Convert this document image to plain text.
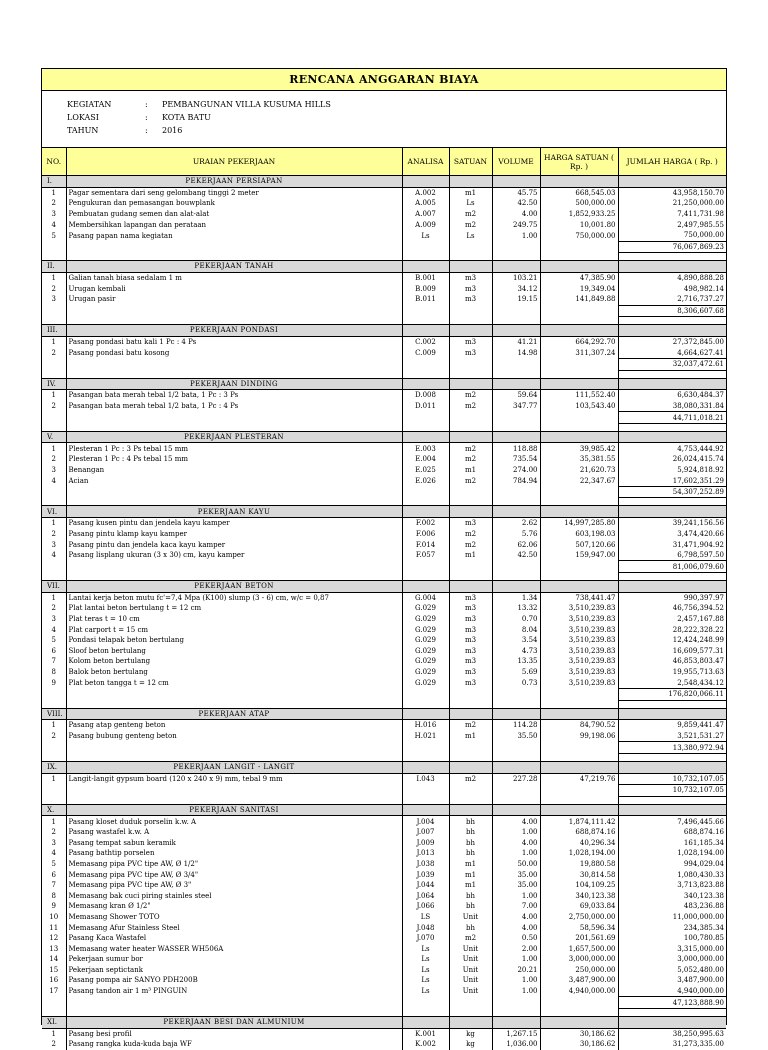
RENCANA ANGGARAN BIAYA
KEGIATAN	: PEMBANGUNAN VILLA KUSUMA HILLS
LOKASI	: KOTA BATU
TAHUN	: 2016
NO.	URAIAN PEKERJAAN	ANALISA	SATUAN	VOLUME	HARGA SATUAN ( Rp. )	JUMLAH HARGA ( Rp. )
I.	PEKERJAAN PERSIAPAN					
1	Pagar sementara dari seng gelombang tinggi 2 meter	A.002	m1	45.75	668,545.03	43,958,150.70
2	Pengukuran dan pemasangan bouwplank	A.005	Ls	42.50	500,000.00	21,250,000.00
3	Pembuatan gudang semen dan alat-alat	A.007	m2	4.00	1,852,933.25	7,411,731.98
4	Membersihkan lapangan dan perataan	A.009	m2	249.75	10,001.80	2,497,985.55
5	Pasang papan nama kegiatan	Ls	Ls	1.00	750,000.00	750,000.00
						76,067,869.23

II.	PEKERJAAN TANAH					
1	Galian tanah biasa sedalam 1 m	B.001	m3	103.21	47,385.90	4,890,888.28
2	Urugan kembali	B.009	m3	34.12	19,349.04	498,982.14
3	Urugan pasir	B.011	m3	19.15	141,849.88	2,716,737.27
						8,306,607.68

III.	PEKERJAAN PONDASI					
1	Pasang pondasi batu kali 1 Pc : 4 Ps	C.002	m3	41.21	664,292.70	27,372,845.00
2	Pasang pondasi batu kosong	C.009	m3	14.98	311,307.24	4,664,627.41
						32,037,472.61

IV.	PEKERJAAN DINDING					
1	Pasangan bata merah tebal 1/2 bata, 1 Pc : 3 Ps	D.008	m2	59.64	111,552.40	6,630,484.37
2	Pasangan bata merah tebal 1/2 bata, 1 Pc : 4 Ps	D.011	m2	347.77	103,543.40	38,080,331.84
						44,711,018.21

V.	PEKERJAAN PLESTERAN					
1	Plesteran 1 Pc : 3 Ps tebal 15 mm	E.003	m2	118.88	39,985.42	4,753,444.92
2	Plesteran 1 Pc : 4 Ps tebal 15 mm	E.004	m2	735.54	35,381.55	26,024,415.74
3	Benangan	E.025	m1	274.00	21,620.73	5,924,818.92
4	Acian	E.026	m2	784.94	22,347.67	17,602,351.29
						54,307,252.89

VI.	PEKERJAAN KAYU					
1	Pasang kusen pintu dan jendela kayu kamper	F.002	m3	2.62	14,997,285.80	39,241,156.56
2	Pasang pintu klamp kayu kamper	F.006	m2	5.76	603,198.03	3,474,420.66
3	Pasang pintu dan jendela kaca kayu kamper	F.014	m2	62.06	507,120.66	31,471,904.92
4	Pasang lisplang ukuran (3 x 30) cm, kayu kamper	F.057	m1	42.50	159,947.00	6,798,597.50
						81,006,079.60

VII.	PEKERJAAN BETON					
1	Lantai kerja beton mutu fc'=7,4 Mpa (K100) slump (3 - 6) cm, w/c = 0,87	G.004	m3	1.34	738,441.47	990,397.97
2	Plat lantai beton bertulang t = 12 cm	G.029	m3	13.32	3,510,239.83	46,756,394.52
3	Plat teras t = 10 cm	G.029	m3	0.70	3,510,239.83	2,457,167.88
4	Plat carport t = 15 cm	G.029	m3	8.04	3,510,239.83	28,222,328.22
5	Pondasi telapak beton bertulang	G.029	m3	3.54	3,510,239.83	12,424,248.99
6	Sloof beton bertulang	G.029	m3	4.73	3,510,239.83	16,609,577.31
7	Kolom beton bertulang	G.029	m3	13.35	3,510,239.83	46,853,803.47
8	Balok beton bertulang	G.029	m3	5.69	3,510,239.83	19,955,713.63
9	Plat beton tangga t = 12 cm	G.029	m3	0.73	3,510,239.83	2,548,434.12
						176,820,066.11

VIII.	PEKERJAAN ATAP					
1	Pasang atap genteng beton	H.016	m2	114.28	84,790.52	9,859,441.47
2	Pasang bubung genteng beton	H.021	m1	35.50	99,198.06	3,521,531.27
						13,380,972.94

IX.	PEKERJAAN LANGIT - LANGIT					
1	Langit-langit gypsum board (120 x 240 x 9) mm, tebal 9 mm	I.043	m2	227.28	47,219.76	10,732,107.05
						10,732,107.05

X.	PEKERJAAN SANITASI					
1	Pasang kloset duduk porselin k.w. A	J.004	bh	4.00	1,874,111.42	7,496,445.66
2	Pasang wastafel k.w. A	J.007	bh	1.00	688,874.16	688,874.16
3	Pasang tempat sabun keramik	J.009	bh	4.00	40,296.34	161,185.34
4	Pasang bathtip porselen	J.013	bh	1.00	1,028,194.00	1,028,194.00
5	Memasang pipa PVC tipe AW, Ø 1/2"	J.038	m1	50.00	19,880.58	994,029.04
6	Memasang pipa PVC tipe AW, Ø 3/4"	J.039	m1	35.00	30,814.58	1,080,430.33
7	Memasang pipa PVC tipe AW, Ø 3"	J.044	m1	35.00	104,109.25	3,713,823.88
8	Memasang bak cuci piring stainles steel	J.064	bh	1.00	340,123.38	340,123.38
9	Memasang kran Ø 1/2"	J.066	bh	7.00	69,033.84	483,236.88
10	Memasang Shower TOTO	LS	Unit	4.00	2,750,000.00	11,000,000.00
11	Memasang Afur Stainless Steel	J.048	bh	4.00	58,596.34	234,385.34
12	Pasang Kaca Wastafel	J.070	m2	0.50	201,561.69	100,780.85
13	Memasang water heater WASSER WH506A	Ls	Unit	2.00	1,657,500.00	3,315,000.00
14	Pekerjaan sumur bor	Ls	Unit	1.00	3,000,000.00	3,000,000.00
15	Pekerjaan septictank	Ls	Unit	20.21	250,000.00	5,052,480.00
16	Pasang pompa air SANYO PDH200B	Ls	Unit	1.00	3,487,900.00	3,487,900.00
17	Pasang tandon air 1 m³ PINGUIN	Ls	Unit	1.00	4,940,000.00	4,940,000.00
						47,123,888.90

XI.	PEKERJAAN BESI DAN ALMUNIUM					
1	Pasang besi profil	K.001	kg	1,267.15	30,186.62	38,250,995.63
2	Pasang rangka kuda-kuda baja WF	K.002	kg	1,036.00	30,186.62	31,273,335.00
